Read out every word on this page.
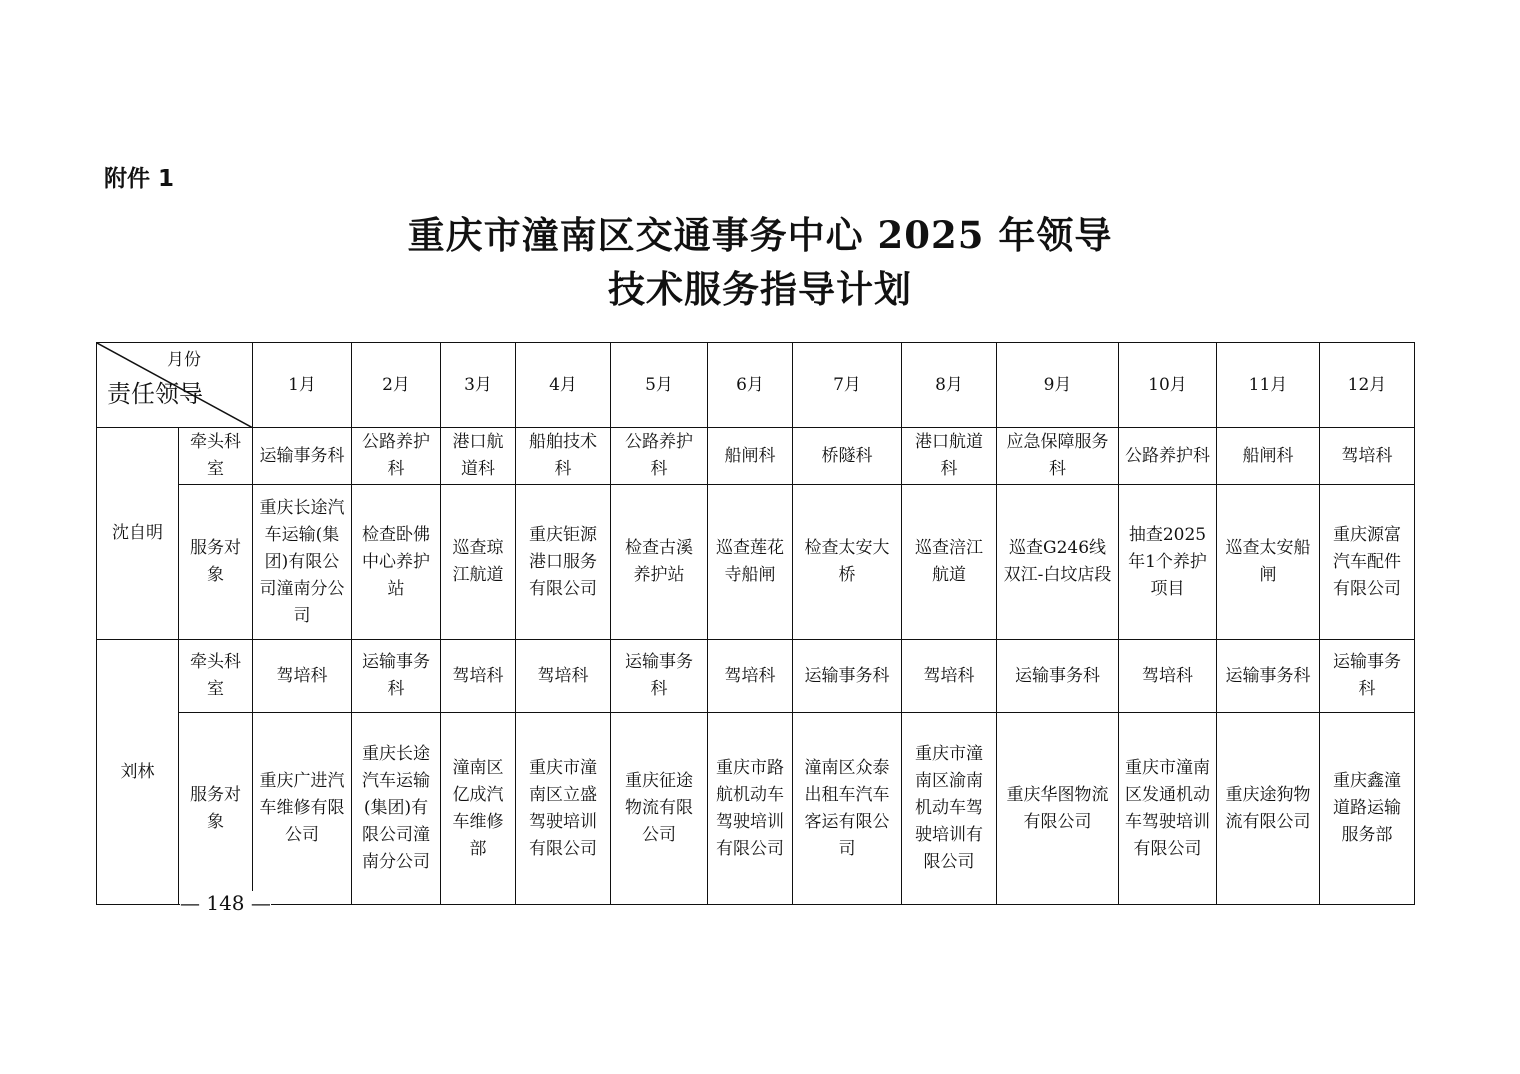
附件 1
重庆市潼南区交通事务中心 2025 年领导
技术服务指导计划
月份
责任领导		1月	2月	3月	4月	5月	6月	7月	8月	9月	10月	11月	12月
沈自明	牵头科室	运输事务科	公路养护科	港口航道科	船舶技术科	公路养护科	船闸科	桥隧科	港口航道科	应急保障服务科	公路养护科	船闸科	驾培科
	服务对象	重庆长途汽车运输(集团)有限公司潼南分公司	检查卧佛中心养护站	巡查琼江航道	重庆钜源港口服务有限公司	检查古溪养护站	巡查莲花寺船闸	检查太安大桥	巡查涪江航道	巡查G246线双江-白坟店段	抽查2025年1个养护项目	巡查太安船闸	重庆源富汽车配件有限公司
刘林	牵头科室	驾培科	运输事务科	驾培科	驾培科	运输事务科	驾培科	运输事务科	驾培科	运输事务科	驾培科	运输事务科	运输事务科
	服务对象	重庆广进汽车维修有限公司	重庆长途汽车运输(集团)有限公司潼南分公司	潼南区亿成汽车维修部	重庆市潼南区立盛驾驶培训有限公司	重庆征途物流有限公司	重庆市路航机动车驾驶培训有限公司	潼南区众泰出租车汽车客运有限公司	重庆市潼南区渝南机动车驾驶培训有限公司	重庆华图物流有限公司	重庆市潼南区发通机动车驾驶培训有限公司	重庆途狗物流有限公司	重庆鑫潼道路运输服务部
— 148 —
